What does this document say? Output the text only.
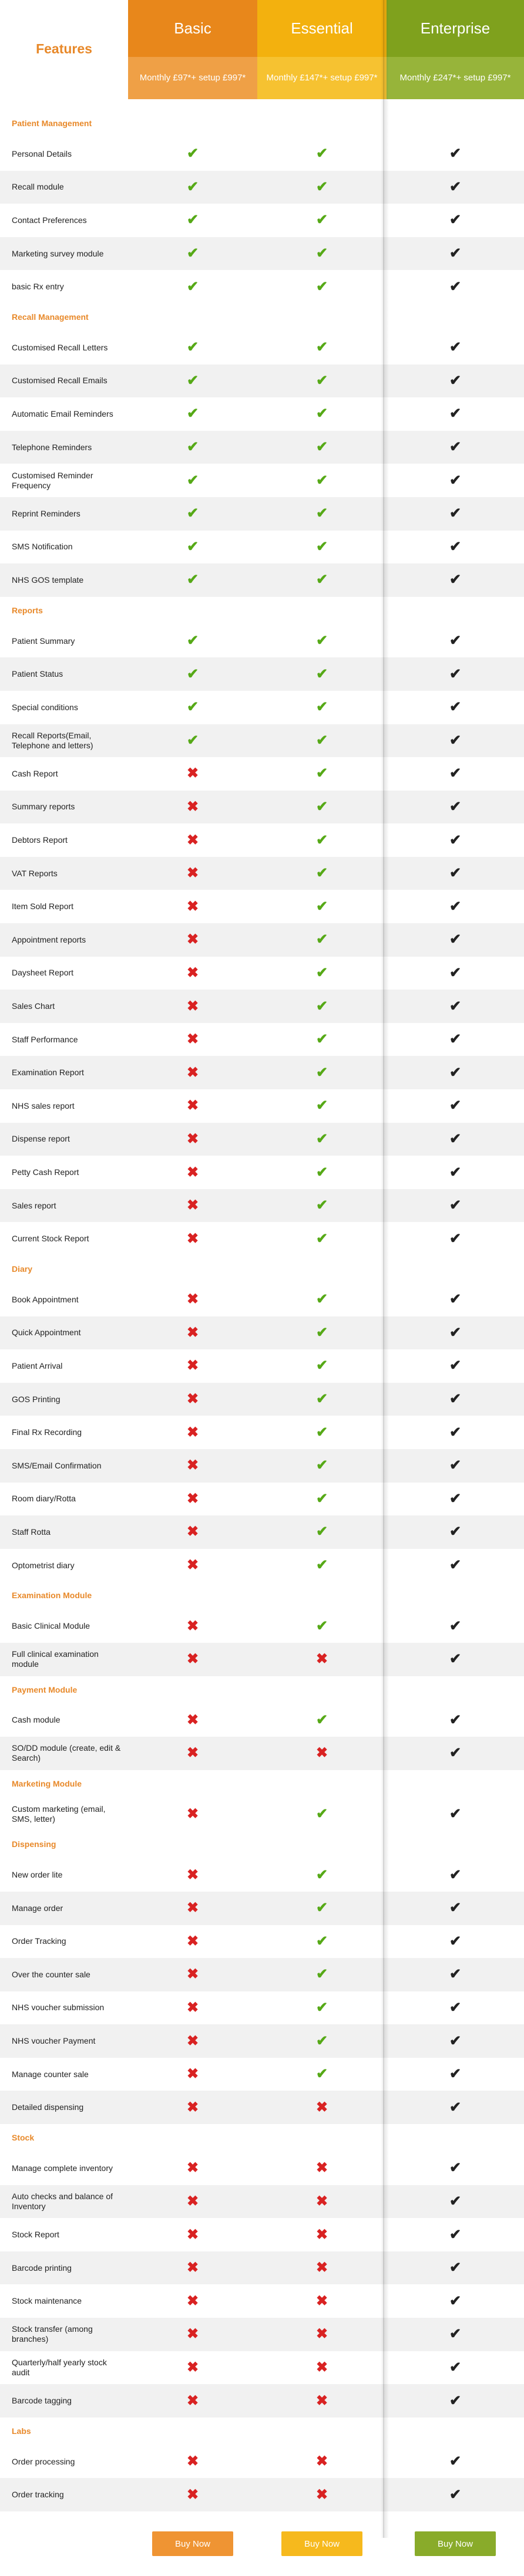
Features
Basic
Monthly £97*+ setup £997*
Essential
Monthly £147*+ setup £997*
Enterprise
Monthly £247*+ setup £997*
Patient Management
Personal Details	✔	✔	✔
Recall module	✔	✔	✔
Contact Preferences	✔	✔	✔
Marketing survey module	✔	✔	✔
basic Rx entry	✔	✔	✔
Recall Management
Customised Recall Letters	✔	✔	✔
Customised Recall Emails	✔	✔	✔
Automatic Email Reminders	✔	✔	✔
Telephone Reminders	✔	✔	✔
Customised Reminder Frequency	✔	✔	✔
Reprint Reminders	✔	✔	✔
SMS Notification	✔	✔	✔
NHS GOS template	✔	✔	✔
Reports
Patient Summary	✔	✔	✔
Patient Status	✔	✔	✔
Special conditions	✔	✔	✔
Recall Reports(Email, Telephone and letters)	✔	✔	✔
Cash Report	✖	✔	✔
Summary reports	✖	✔	✔
Debtors Report	✖	✔	✔
VAT Reports	✖	✔	✔
Item Sold Report	✖	✔	✔
Appointment reports	✖	✔	✔
Daysheet Report	✖	✔	✔
Sales Chart	✖	✔	✔
Staff Performance	✖	✔	✔
Examination Report	✖	✔	✔
NHS sales report	✖	✔	✔
Dispense report	✖	✔	✔
Petty Cash Report	✖	✔	✔
Sales report	✖	✔	✔
Current Stock Report	✖	✔	✔
Diary
Book Appointment	✖	✔	✔
Quick Appointment	✖	✔	✔
Patient Arrival	✖	✔	✔
GOS Printing	✖	✔	✔
Final Rx Recording	✖	✔	✔
SMS/Email Confirmation	✖	✔	✔
Room diary/Rotta	✖	✔	✔
Staff Rotta	✖	✔	✔
Optometrist diary	✖	✔	✔
Examination Module
Basic Clinical Module	✖	✔	✔
Full clinical examination module	✖	✖	✔
Payment Module
Cash module	✖	✔	✔
SO/DD module (create, edit & Search)	✖	✖	✔
Marketing Module
Custom marketing (email, SMS, letter)	✖	✔	✔
Dispensing
New order lite	✖	✔	✔
Manage order	✖	✔	✔
Order Tracking	✖	✔	✔
Over the counter sale	✖	✔	✔
NHS voucher submission	✖	✔	✔
NHS voucher Payment	✖	✔	✔
Manage counter sale	✖	✔	✔
Detailed dispensing	✖	✖	✔
Stock
Manage complete inventory	✖	✖	✔
Auto checks and balance of Inventory	✖	✖	✔
Stock Report	✖	✖	✔
Barcode printing	✖	✖	✔
Stock maintenance	✖	✖	✔
Stock transfer (among branches)	✖	✖	✔
Quarterly/half yearly stock audit	✖	✖	✔
Barcode tagging	✖	✖	✔
Labs
Order processing	✖	✖	✔
Order tracking	✖	✖	✔
Buy Now	Buy Now	Buy Now
